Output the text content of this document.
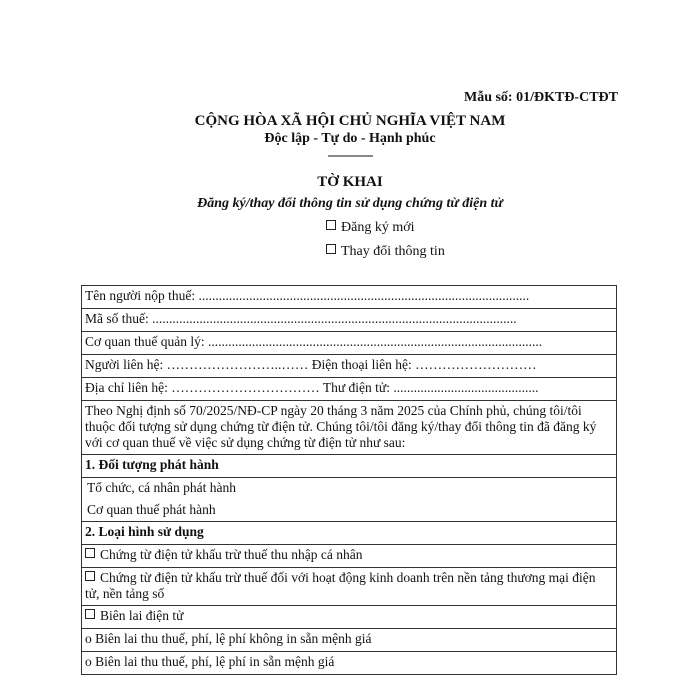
Mẫu số: 01/ĐKTĐ-CTĐT
CỘNG HÒA XÃ HỘI CHỦ NGHĨA VIỆT NAM
Độc lập - Tự do - Hạnh phúc
---------------
TỜ KHAI
Đăng ký/thay đổi thông tin sử dụng chứng từ điện tử
Đăng ký mới
Thay đổi thông tin
Tên người nộp thuế: ..................................................................................................
Mã số thuế: ............................................................................................................
Cơ quan thuế quản lý: ...................................................................................................
Người liên hệ: ……………………..…… Điện thoại liên hệ: ………………………
Địa chỉ liên hệ: …………………………… Thư điện tử: ...........................................
Theo Nghị định số 70/2025/NĐ-CP ngày 20 tháng 3 năm 2025 của Chính phủ, chúng tôi/tôi thuộc đối tượng sử dụng chứng từ điện tử. Chúng tôi/tôi đăng ký/thay đổi thông tin đã đăng ký với cơ quan thuế về việc sử dụng chứng từ điện tử như sau:
1. Đối tượng phát hành

Tổ chức, cá nhân phát hành
Cơ quan thuế phát hành

2. Loại hình sử dụng
Chứng từ điện tử khấu trừ thuế thu nhập cá nhân
Chứng từ điện tử khấu trừ thuế đối với hoạt động kinh doanh trên nền tảng thương mại điện tử, nền tảng số
Biên lai điện tử
o Biên lai thu thuế, phí, lệ phí không in sẵn mệnh giá
o Biên lai thu thuế, phí, lệ phí in sẵn mệnh giá
